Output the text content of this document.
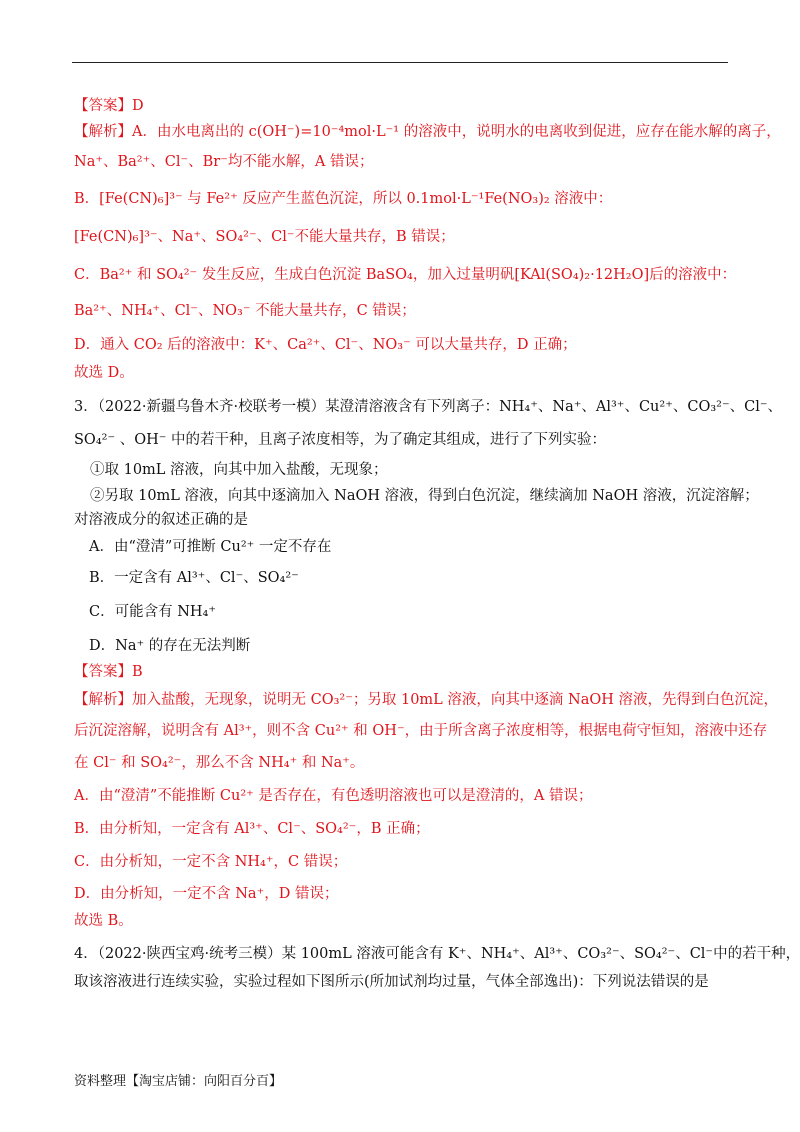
【答案】D
【解析】A．由水电离出的 c(OH⁻)=10⁻⁴mol·L⁻¹ 的溶液中，说明水的电离收到促进，应存在能水解的离子，
Na⁺、Ba²⁺、Cl⁻、Br⁻均不能水解，A 错误；
B．[Fe(CN)₆]³⁻ 与 Fe²⁺ 反应产生蓝色沉淀，所以 0.1mol·L⁻¹Fe(NO₃)₂ 溶液中：
[Fe(CN)₆]³⁻、Na⁺、SO₄²⁻、Cl⁻不能大量共存，B 错误；
C．Ba²⁺ 和 SO₄²⁻ 发生反应，生成白色沉淀 BaSO₄，加入过量明矾[KAl(SO₄)₂·12H₂O]后的溶液中：
Ba²⁺、NH₄⁺、Cl⁻、NO₃⁻ 不能大量共存，C 错误；
D．通入 CO₂ 后的溶液中：K⁺、Ca²⁺、Cl⁻、NO₃⁻ 可以大量共存，D 正确；
故选 D。
3．（2022·新疆乌鲁木齐·校联考一模）某澄清溶液含有下列离子：NH₄⁺、Na⁺、Al³⁺、Cu²⁺、CO₃²⁻、Cl⁻、
SO₄²⁻ 、OH⁻ 中的若干种，且离子浓度相等，为了确定其组成，进行了下列实验：
①取 10mL 溶液，向其中加入盐酸，无现象；
②另取 10mL 溶液，向其中逐滴加入 NaOH 溶液，得到白色沉淀，继续滴加 NaOH 溶液，沉淀溶解；
对溶液成分的叙述正确的是
A．由“澄清”可推断 Cu²⁺ 一定不存在
B．一定含有 Al³⁺、Cl⁻、SO₄²⁻
C．可能含有 NH₄⁺
D．Na⁺ 的存在无法判断
【答案】B
【解析】加入盐酸，无现象，说明无 CO₃²⁻；另取 10mL 溶液，向其中逐滴 NaOH 溶液，先得到白色沉淀，
后沉淀溶解，说明含有 Al³⁺，则不含 Cu²⁺ 和 OH⁻，由于所含离子浓度相等，根据电荷守恒知，溶液中还存
在 Cl⁻ 和 SO₄²⁻，那么不含 NH₄⁺ 和 Na⁺。
A．由“澄清”不能推断 Cu²⁺ 是否存在，有色透明溶液也可以是澄清的，A 错误；
B．由分析知，一定含有 Al³⁺、Cl⁻、SO₄²⁻，B 正确；
C．由分析知，一定不含 NH₄⁺，C 错误；
D．由分析知，一定不含 Na⁺，D 错误；
故选 B。
4．（2022·陕西宝鸡·统考三模）某 100mL 溶液可能含有 K⁺、NH₄⁺、Al³⁺、CO₃²⁻、SO₄²⁻、Cl⁻中的若干种，
取该溶液进行连续实验，实验过程如下图所示(所加试剂均过量，气体全部逸出)：下列说法错误的是
资料整理【淘宝店铺：向阳百分百】
